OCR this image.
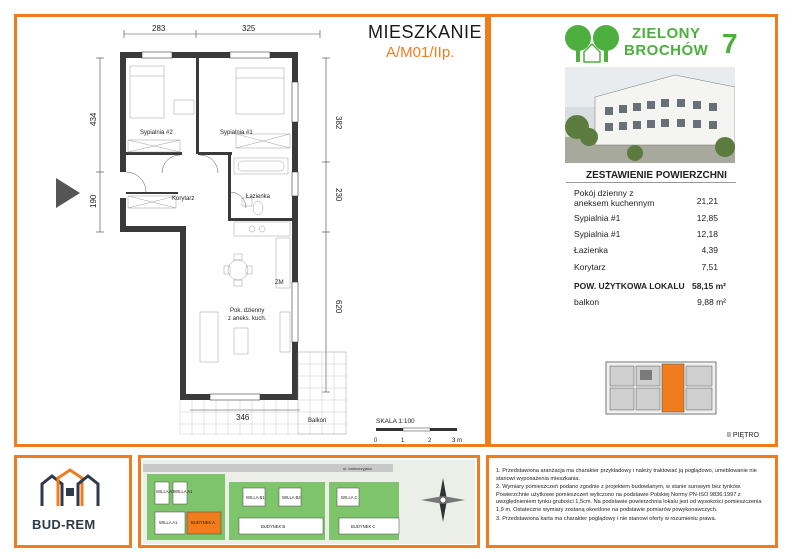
MIESZKANIE
A/M01/IIp.
283	325
434
190
382
230
620
346
Sypialnia #2	Sypialnia #1
Korytarz	Łazienka
Pok. dzienny
z aneks. kuch.
ZM
Balkon	SKALA 1:100
0	1	2	3 m
ZIELONY
BROCHÓW 7
ZESTAWIENIE POWIERZCHNI
Pokój dzienny z
aneksem kuchennym	21,21
Sypialnia #1	12,85
Sypialnia #1	12,18
Łazienka	4,39
Korytarz	7,51
POW. UŻYTKOWA LOKALU 58,15 m²
balkon	9,88 m²
II PIĘTRO
BUD-REM
ul. Indonezyjska
WILLA A2 WILLA A1
WILLA A1	BUDYNEK A
WILLA B1	WILLA B2	WILLA C
BUDYNEK B	BUDYNEK C

1. Przedstawiona aranżacja ma charakter przykładowy i należy traktować ją poglądowo, umeblowanie nie stanowi wyposażenia mieszkania.

2. Wymiary pomieszczeń podano zgodnie z projektem budowlanym, w stanie surowym bez tynków. Powierzchnie użytkowe pomieszczeń wyliczono na podstawie Polskiej Normy PN-ISO 9836:1997 z uwzględnieniem tynku grubości 1,5cm. Na podstawie powierzchnia lokalu jest od wysokości pomieszczenia 1,9 m. Ostateczne wymiary zostaną określone na podstawie pomiarów powykonawczych.

3. Przedstawiona karta ma charakter poglądowy i nie stanowi oferty w rozumieniu prawa.
